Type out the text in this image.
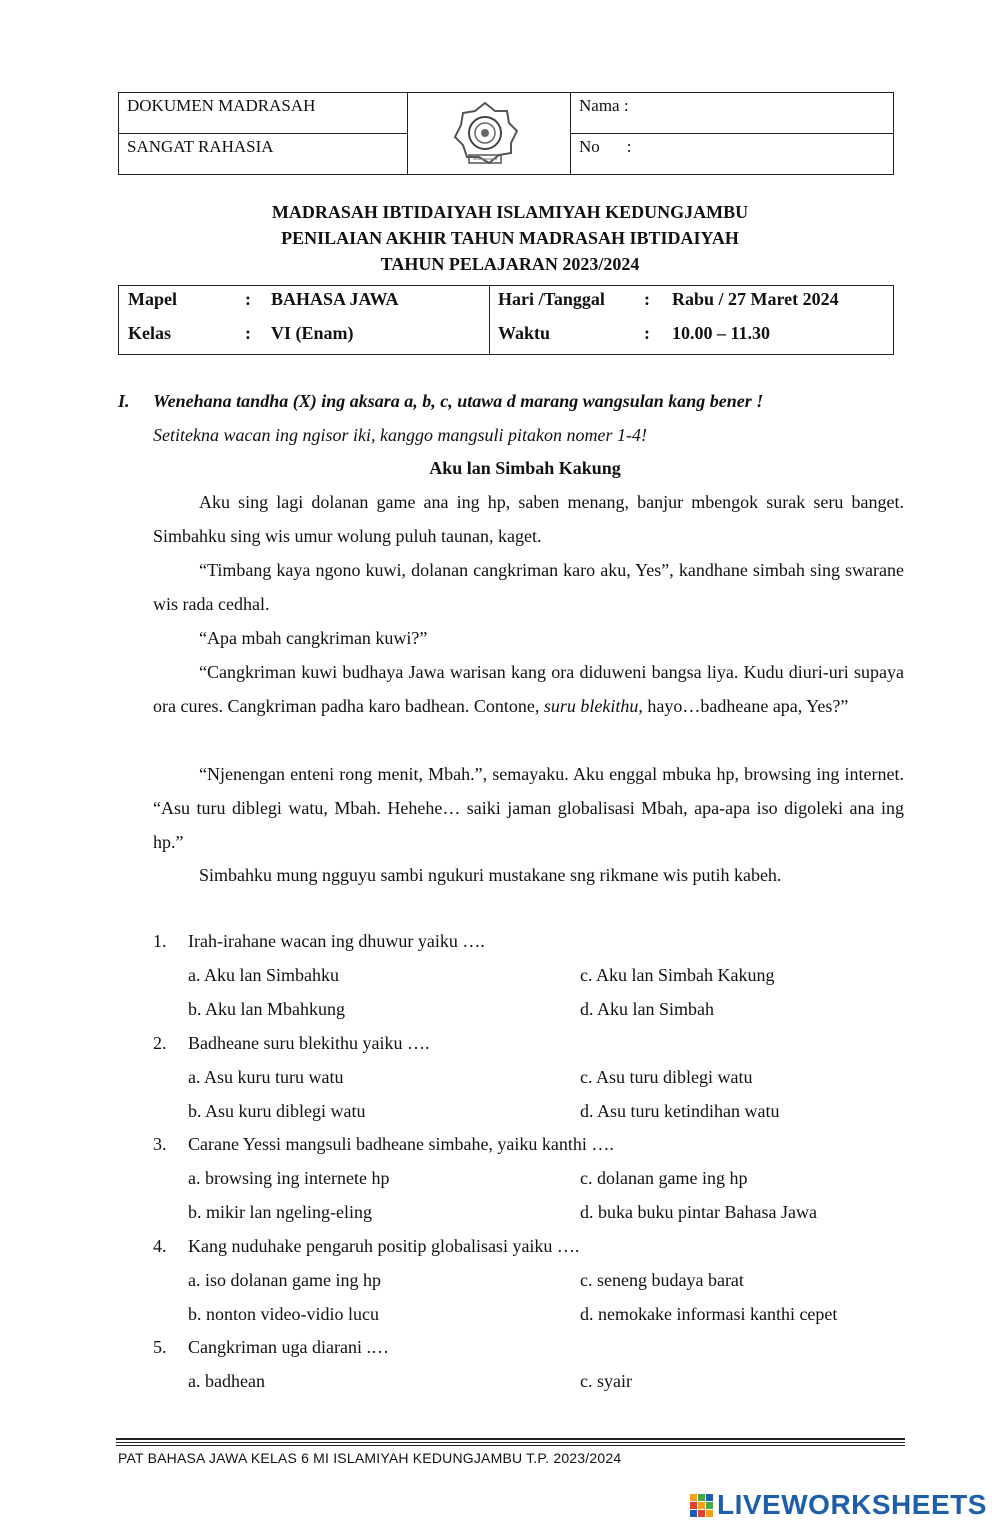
DOKUMEN MADRASAH
SANGAT RAHASIA
Nama :
No :
MADRASAH IBTIDAIYAH ISLAMIYAH KEDUNGJAMBU
PENILAIAN AKHIR TAHUN MADRASAH IBTIDAIYAH
TAHUN PELAJARAN 2023/2024
Mapel	: BAHASA JAWA
Kelas	: VI (Enam)
Hari /Tanggal : Rabu / 27 Maret 2024
Waktu	: 10.00 – 11.30
I. Wenehana tandha (X) ing aksara a, b, c, utawa d marang wangsulan kang bener !
Setitekna wacan ing ngisor iki, kanggo mangsuli pitakon nomer 1-4!
Aku lan Simbah Kakung
Aku sing lagi dolanan game ana ing hp, saben menang, banjur mbengok surak seru banget. Simbahku sing wis umur wolung puluh taunan, kaget.
“Timbang kaya ngono kuwi, dolanan cangkriman karo aku, Yes”, kandhane simbah sing swarane wis rada cedhal.
“Apa mbah cangkriman kuwi?”
“Cangkriman kuwi budhaya Jawa warisan kang ora diduweni bangsa liya. Kudu diuri-uri supaya ora cures. Cangkriman padha karo badhean. Contone, suru blekithu, hayo…badheane apa, Yes?”
“Njenengan enteni rong menit, Mbah.”, semayaku. Aku enggal mbuka hp, browsing ing internet. “Asu turu diblegi watu, Mbah. Hehehe… saiki jaman globalisasi Mbah, apa-apa iso digoleki ana ing hp.”
Simbahku mung ngguyu sambi ngukuri mustakane sng rikmane wis putih kabeh.
1. Irah-irahane wacan ing dhuwur yaiku ….
a. Aku lan Simbahku	c. Aku lan Simbah Kakung
b. Aku lan Mbahkung	d. Aku lan Simbah
2. Badheane suru blekithu yaiku ….
a. Asu kuru turu watu	c. Asu turu diblegi watu
b. Asu kuru diblegi watu	d. Asu turu ketindihan watu
3. Carane Yessi mangsuli badheane simbahe, yaiku kanthi ….
a. browsing ing internete hp	c. dolanan game ing hp
b. mikir lan ngeling-eling	d. buka buku pintar Bahasa Jawa
4. Kang nuduhake pengaruh positip globalisasi yaiku ….
a. iso dolanan game ing hp	c. seneng budaya barat
b. nonton video-vidio lucu	d. nemokake informasi kanthi cepet
5. Cangkriman uga diarani .…
a. badhean	c. syair
PAT BAHASA JAWA KELAS 6 MI ISLAMIYAH KEDUNGJAMBU T.P. 2023/2024
LIVEWORKSHEETS
